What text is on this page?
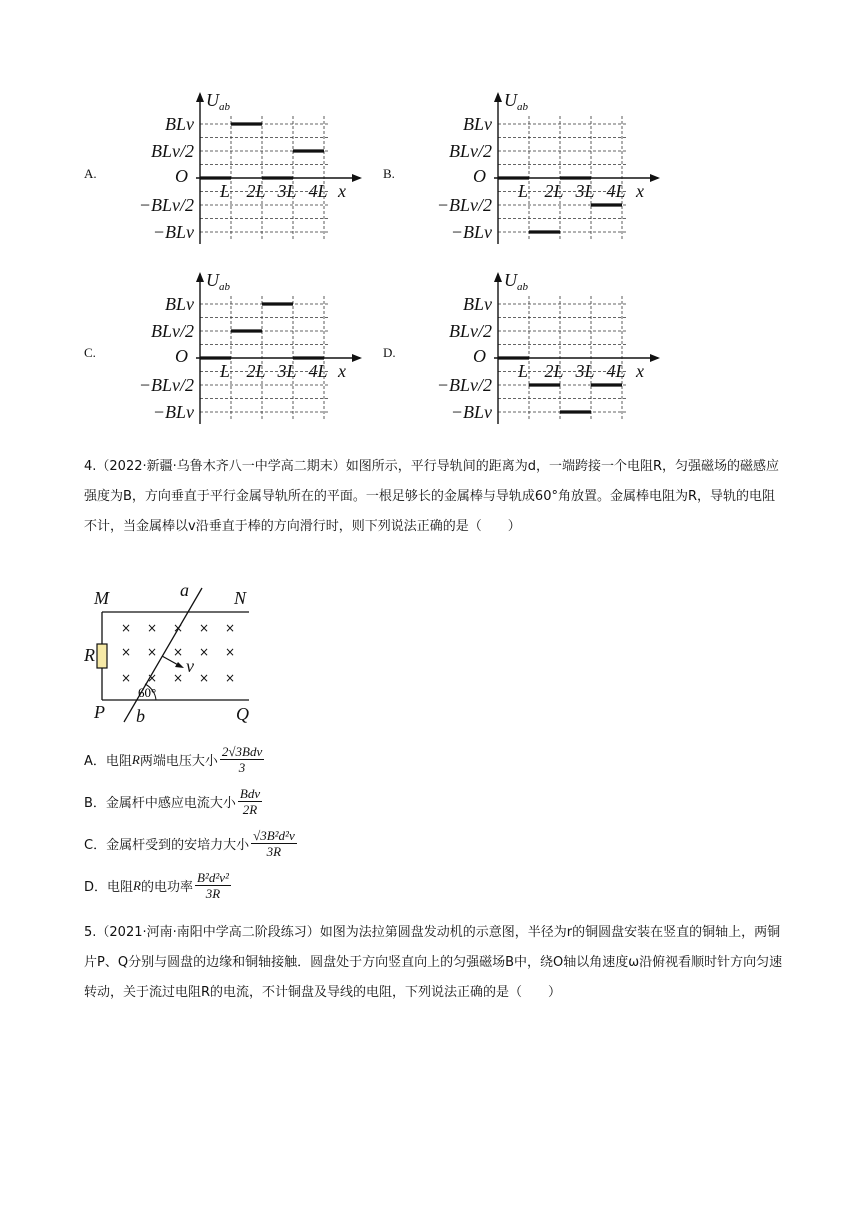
A.	B.
C.	D.
U ab
BLv
BLv/2
−BLv/2
−BLv
O
L 2L 3L 4L x
U ab
BLv
BLv/2
−BLv/2
−BLv
O
L 2L 3L 4L x
U ab
BLv
BLv/2
−BLv/2
−BLv
O
L 2L 3L 4L x
U ab
BLv
BLv/2
−BLv/2
−BLv
O
L 2L 3L 4L x
4.（2022·新疆·乌鲁木齐八一中学高二期末）如图所示，平行导轨间的距离为d，一端跨接一个电阻R，匀强磁场的磁感应强度为B，方向垂直于平行金属导轨所在的平面。一根足够长的金属棒与导轨成60°角放置。金属棒电阻为R，导轨的电阻不计，当金属棒以v沿垂直于棒的方向滑行时，则下列说法正确的是（　　）
× × × × ×
× × × × ×
× × × × ×
M	N
P	Q
R
a
b
v
60°
A．电阻 R 两端电压大小 $\frac{\text{2√3Bdv}}{3}$
B．金属杆中感应电流大小 $\frac{\text{Bdv}}{2R}$
C．金属杆受到的安培力大小 $\frac{\text{√3B²d²v}}{3R}$
D．电阻 R 的电功率 $\frac{\text{B²d²v²}}{3R}$
5.（2021·河南·南阳中学高二阶段练习）如图为法拉第圆盘发动机的示意图，半径为r的铜圆盘安装在竖直的铜轴上，两铜片P、Q分别与圆盘的边缘和铜轴接触．圆盘处于方向竖直向上的匀强磁场B中，绕O轴以角速度ω沿俯视看顺时针方向匀速转动，关于流过电阻R的电流，不计铜盘及导线的电阻，下列说法正确的是（　　）
